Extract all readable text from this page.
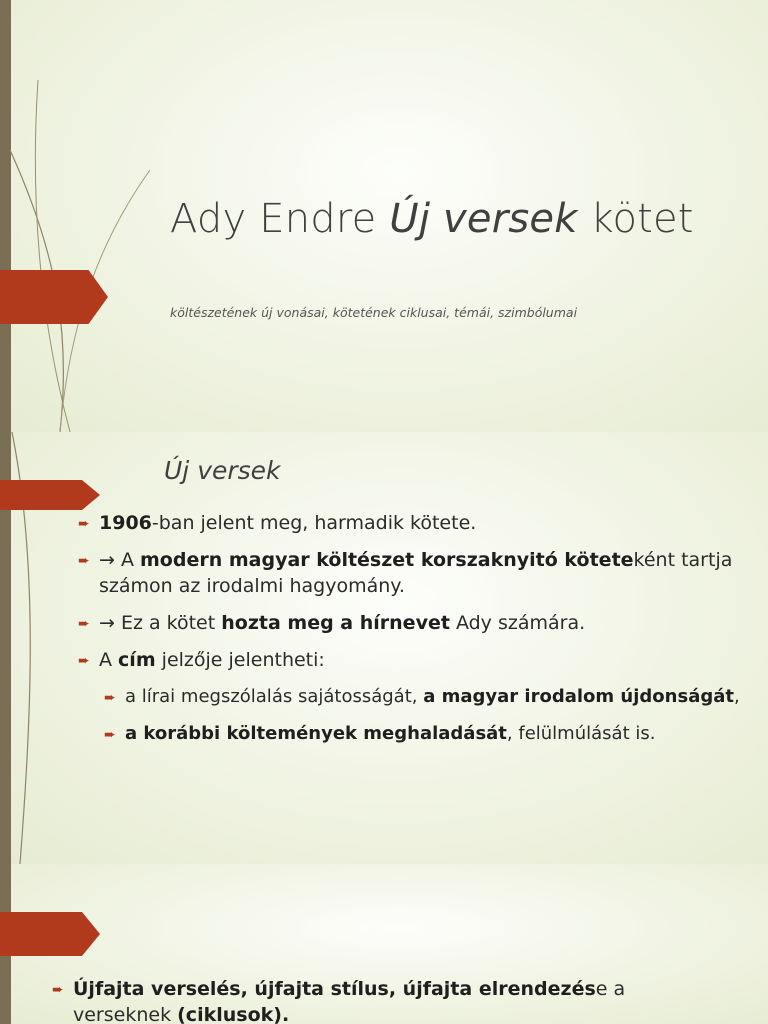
Ady Endre Új versek kötet
költészetének új vonásai, kötetének ciklusai, témái, szimbólumai
Új versek
➨ 1906-ban jelent meg, harmadik kötete.
➨ → A modern magyar költészet korszaknyitó köteteként tartja számon az irodalmi hagyomány.
➨ → Ez a kötet hozta meg a hírnevet Ady számára.
➨ A cím jelzője jelentheti:
➨ a lírai megszólalás sajátosságát, a magyar irodalom újdonságát,
➨ a korábbi költemények meghaladását, felülmúlását is.
➨ Újfajta verselés, újfajta stílus, újfajta elrendezése a verseknek (ciklusok).
